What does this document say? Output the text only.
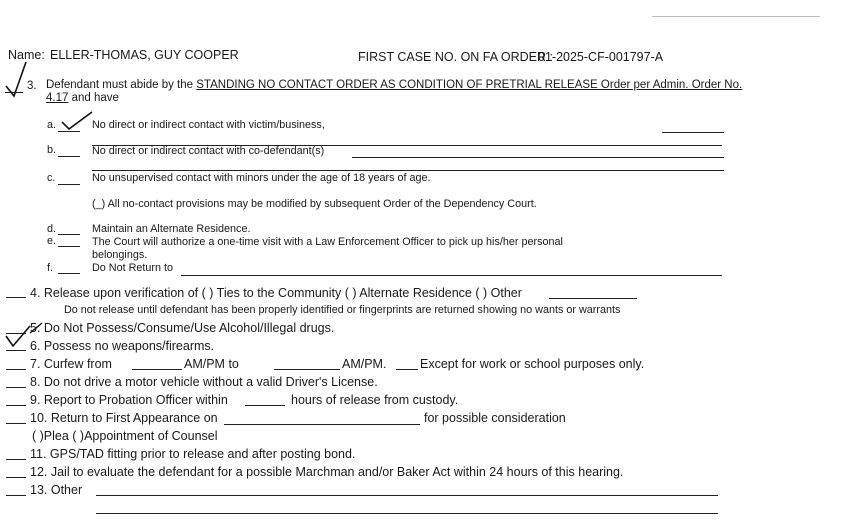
Name: ELLER-THOMAS, GUY COOPER	FIRST CASE NO. ON FA ORDER :
01-2025-CF-001797-A
3. Defendant must abide by the STANDING NO CONTACT ORDER AS CONDITION OF PRETRIAL RELEASE Order per Admin. Order No.
4.17 and have
a.	No direct or indirect contact with victim/business,
b.	No direct or indirect contact with co-defendant(s)
c.	No unsupervised contact with minors under the age of 18 years of age.
(_) All no-contact provisions may be modified by subsequent Order of the Dependency Court.
d.	Maintain an Alternate Residence.
e.	The Court will authorize a one-time visit with a Law Enforcement Officer to pick up his/her personal
belongings.
f.	Do Not Return to
4. Release upon verification of ( ) Ties to the Community ( ) Alternate Residence ( ) Other
Do not release until defendant has been properly identified or fingerprints are returned showing no wants or warrants
5. Do Not Possess/Consume/Use Alcohol/Illegal drugs.
6. Possess no weapons/firearms.
7. Curfew from	AM/PM to	AM/PM.	Except for work or school purposes only.
8. Do not drive a motor vehicle without a valid Driver's License.
9. Report to Probation Officer within	hours of release from custody.
10. Return to First Appearance on	for possible consideration
( )Plea ( )Appointment of Counsel
11. GPS/TAD fitting prior to release and after posting bond.
12. Jail to evaluate the defendant for a possible Marchman and/or Baker Act within 24 hours of this hearing.
13. Other
